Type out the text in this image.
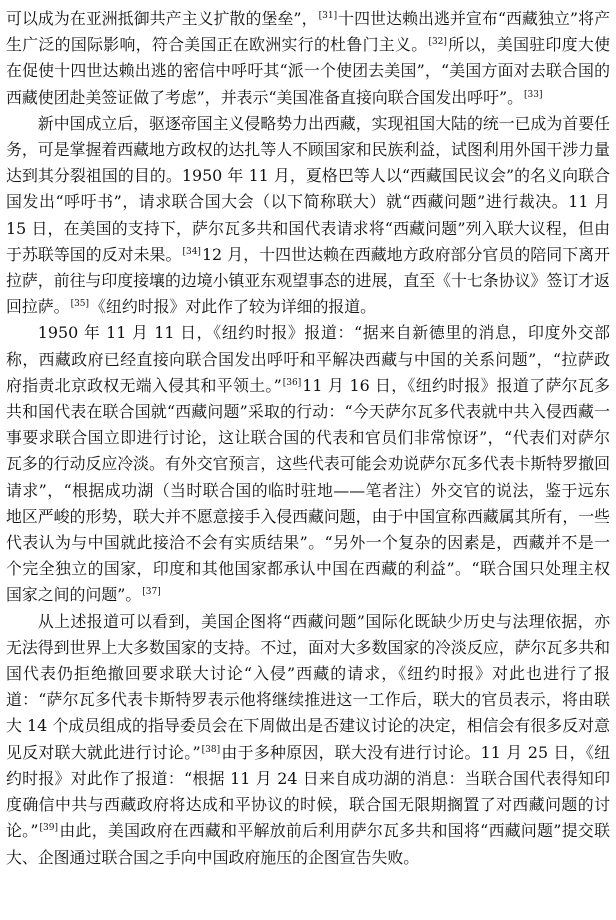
可以成为在亚洲抵御共产主义扩散的堡垒”，[31]十四世达赖出逃并宣布“西藏独立”将产生广泛的国际影响，符合美国正在欧洲实行的杜鲁门主义。[32]所以，美国驻印度大使在促使十四世达赖出逃的密信中呼吁其“派一个使团去美国”，“美国方面对去联合国的西藏使团赴美签证做了考虑”，并表示“美国准备直接向联合国发出呼吁”。[33]

新中国成立后，驱逐帝国主义侵略势力出西藏，实现祖国大陆的统一已成为首要任务，可是掌握着西藏地方政权的达扎等人不顾国家和民族利益，试图利用外国干涉力量达到其分裂祖国的目的。1950 年 11 月，夏格巴等人以“西藏国民议会”的名义向联合国发出“呼吁书”，请求联合国大会（以下简称联大）就“西藏问题”进行裁决。11 月 15 日，在美国的支持下，萨尔瓦多共和国代表请求将“西藏问题”列入联大议程，但由于苏联等国的反对未果。[34]12 月，十四世达赖在西藏地方政府部分官员的陪同下离开拉萨，前往与印度接壤的边境小镇亚东观望事态的进展，直至《十七条协议》签订才返回拉萨。[35]《纽约时报》对此作了较为详细的报道。

1950 年 11 月 11 日，《纽约时报》报道：“据来自新德里的消息，印度外交部称，西藏政府已经直接向联合国发出呼吁和平解决西藏与中国的关系问题”，“拉萨政府指责北京政权无端入侵其和平领土。”[36]11 月 16 日，《纽约时报》报道了萨尔瓦多共和国代表在联合国就“西藏问题”采取的行动：“今天萨尔瓦多代表就中共入侵西藏一事要求联合国立即进行讨论，这让联合国的代表和官员们非常惊讶”，“代表们对萨尔瓦多的行动反应冷淡。有外交官预言，这些代表可能会劝说萨尔瓦多代表卡斯特罗撤回请求”，“根据成功湖（当时联合国的临时驻地——笔者注）外交官的说法，鉴于远东地区严峻的形势，联大并不愿意接手入侵西藏问题，由于中国宣称西藏属其所有，一些代表认为与中国就此接洽不会有实质结果”。“另外一个复杂的因素是，西藏并不是一个完全独立的国家，印度和其他国家都承认中国在西藏的利益”。“联合国只处理主权国家之间的问题”。[37]

从上述报道可以看到，美国企图将“西藏问题”国际化既缺少历史与法理依据，亦无法得到世界上大多数国家的支持。不过，面对大多数国家的冷淡反应，萨尔瓦多共和国代表仍拒绝撤回要求联大讨论“入侵”西藏的请求，《纽约时报》对此也进行了报道：“萨尔瓦多代表卡斯特罗表示他将继续推进这一工作后，联大的官员表示，将由联大 14 个成员组成的指导委员会在下周做出是否建议讨论的决定，相信会有很多反对意见反对联大就此进行讨论。”[38]由于多种原因，联大没有进行讨论。11 月 25 日，《纽约时报》对此作了报道：“根据 11 月 24 日来自成功湖的消息：当联合国代表得知印度确信中共与西藏政府将达成和平协议的时候，联合国无限期搁置了对西藏问题的讨论。”[39]由此，美国政府在西藏和平解放前后利用萨尔瓦多共和国将“西藏问题”提交联大、企图通过联合国之手向中国政府施压的企图宣告失败。
